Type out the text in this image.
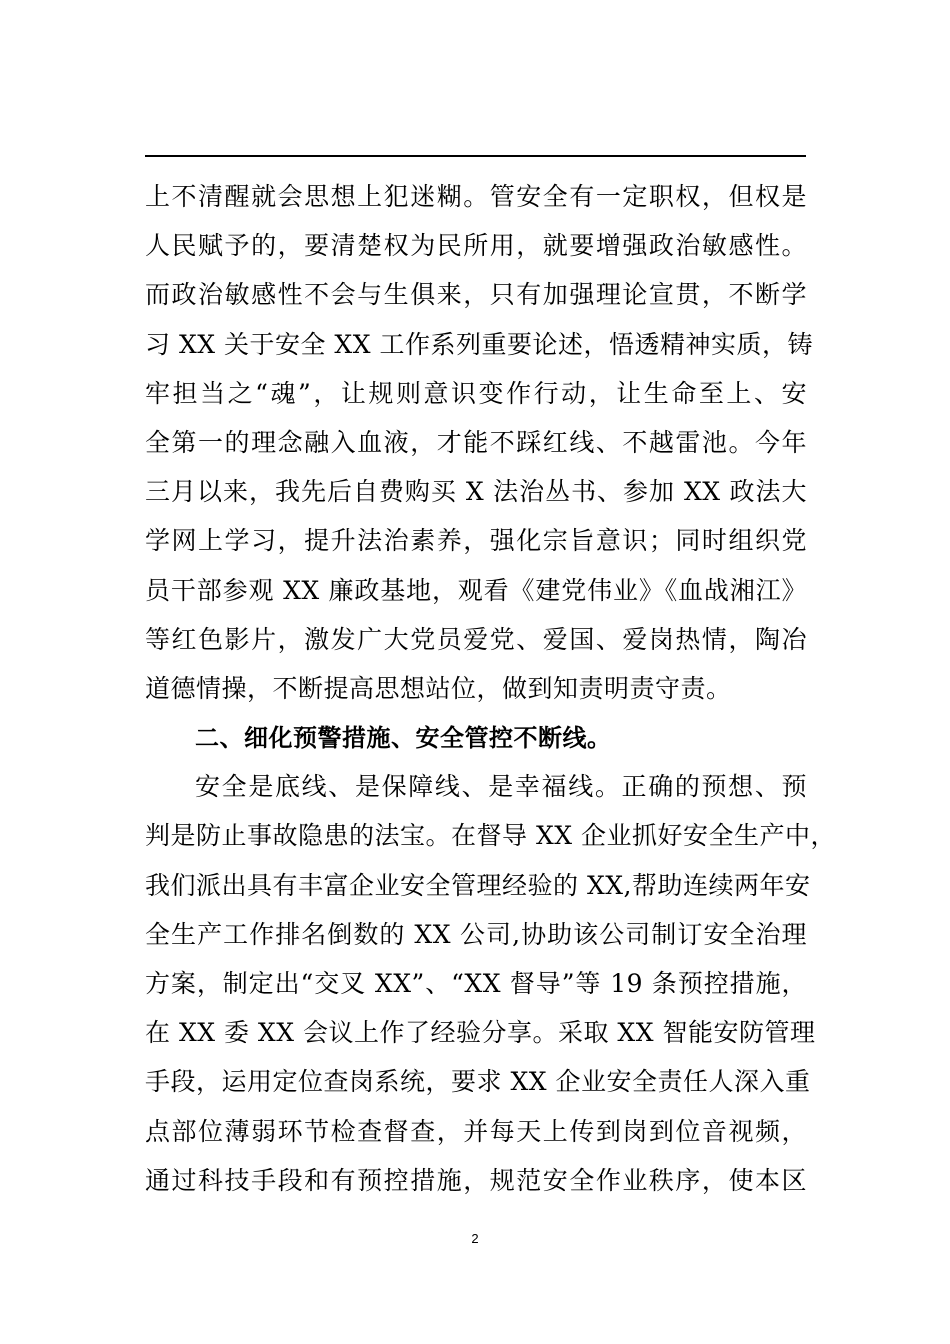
上不清醒就会思想上犯迷糊。管安全有一定职权，但权是
人民赋予的，要清楚权为民所用，就要增强政治敏感性。
而政治敏感性不会与生俱来，只有加强理论宣贯，不断学
习 XX 关于安全 XX 工作系列重要论述，悟透精神实质，铸
牢担当之“魂”，让规则意识变作行动，让生命至上、安
全第一的理念融入血液，才能不踩红线、不越雷池。今年
三月以来，我先后自费购买 X 法治丛书、参加 XX 政法大
学网上学习，提升法治素养，强化宗旨意识；同时组织党
员干部参观 XX 廉政基地，观看《建党伟业》《血战湘江》
等红色影片，激发广大党员爱党、爱国、爱岗热情，陶冶
道德情操，不断提高思想站位，做到知责明责守责。
二、细化预警措施、安全管控不断线。
安全是底线、是保障线、是幸福线。正确的预想、预
判是防止事故隐患的法宝。在督导 XX 企业抓好安全生产中，
我们派出具有丰富企业安全管理经验的 XX,帮助连续两年安
全生产工作排名倒数的 XX 公司,协助该公司制订安全治理
方案，制定出“交叉 XX”、“XX 督导”等 19 条预控措施，
在 XX 委 XX 会议上作了经验分享。采取 XX 智能安防管理
手段，运用定位查岗系统，要求 XX 企业安全责任人深入重
点部位薄弱环节检查督查，并每天上传到岗到位音视频，
通过科技手段和有预控措施，规范安全作业秩序，使本区
2
